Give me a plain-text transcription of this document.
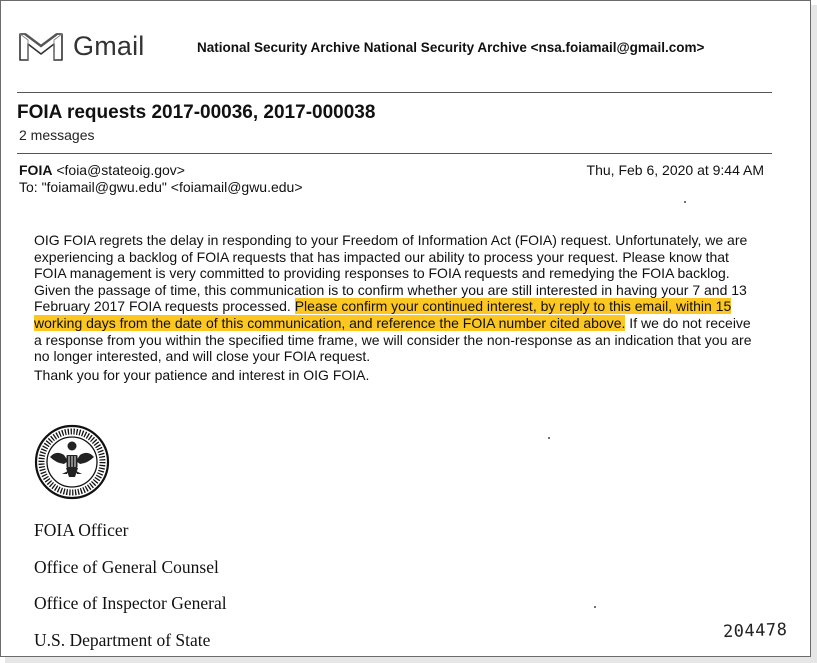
Gmail	National Security Archive National Security Archive <nsa.foiamail@gmail.com>
FOIA requests 2017-00036, 2017-000038
2 messages
FOIA <foia@stateoig.gov>	Thu, Feb 6, 2020 at 9:44 AM
To: "foiamail@gwu.edu" <foiamail@gwu.edu>

OIG FOIA regrets the delay in responding to your Freedom of Information Act (FOIA) request. Unfortunately, we are experiencing a backlog of FOIA requests that has impacted our ability to process your request. Please know that FOIA management is very committed to providing responses to FOIA requests and remedying the FOIA backlog.

Given the passage of time, this communication is to confirm whether you are still interested in having your 7 and 13 February 2017 FOIA requests processed. Please confirm your continued interest, by reply to this email, within 15 working days from the date of this communication, and reference the FOIA number cited above. If we do not receive a response from you within the specified time frame, we will consider the non-response as an indication that you are no longer interested, and will close your FOIA request.

Thank you for your patience and interest in OIG FOIA.

FOIA Officer
Office of General Counsel
Office of Inspector General
U.S. Department of State	204478
